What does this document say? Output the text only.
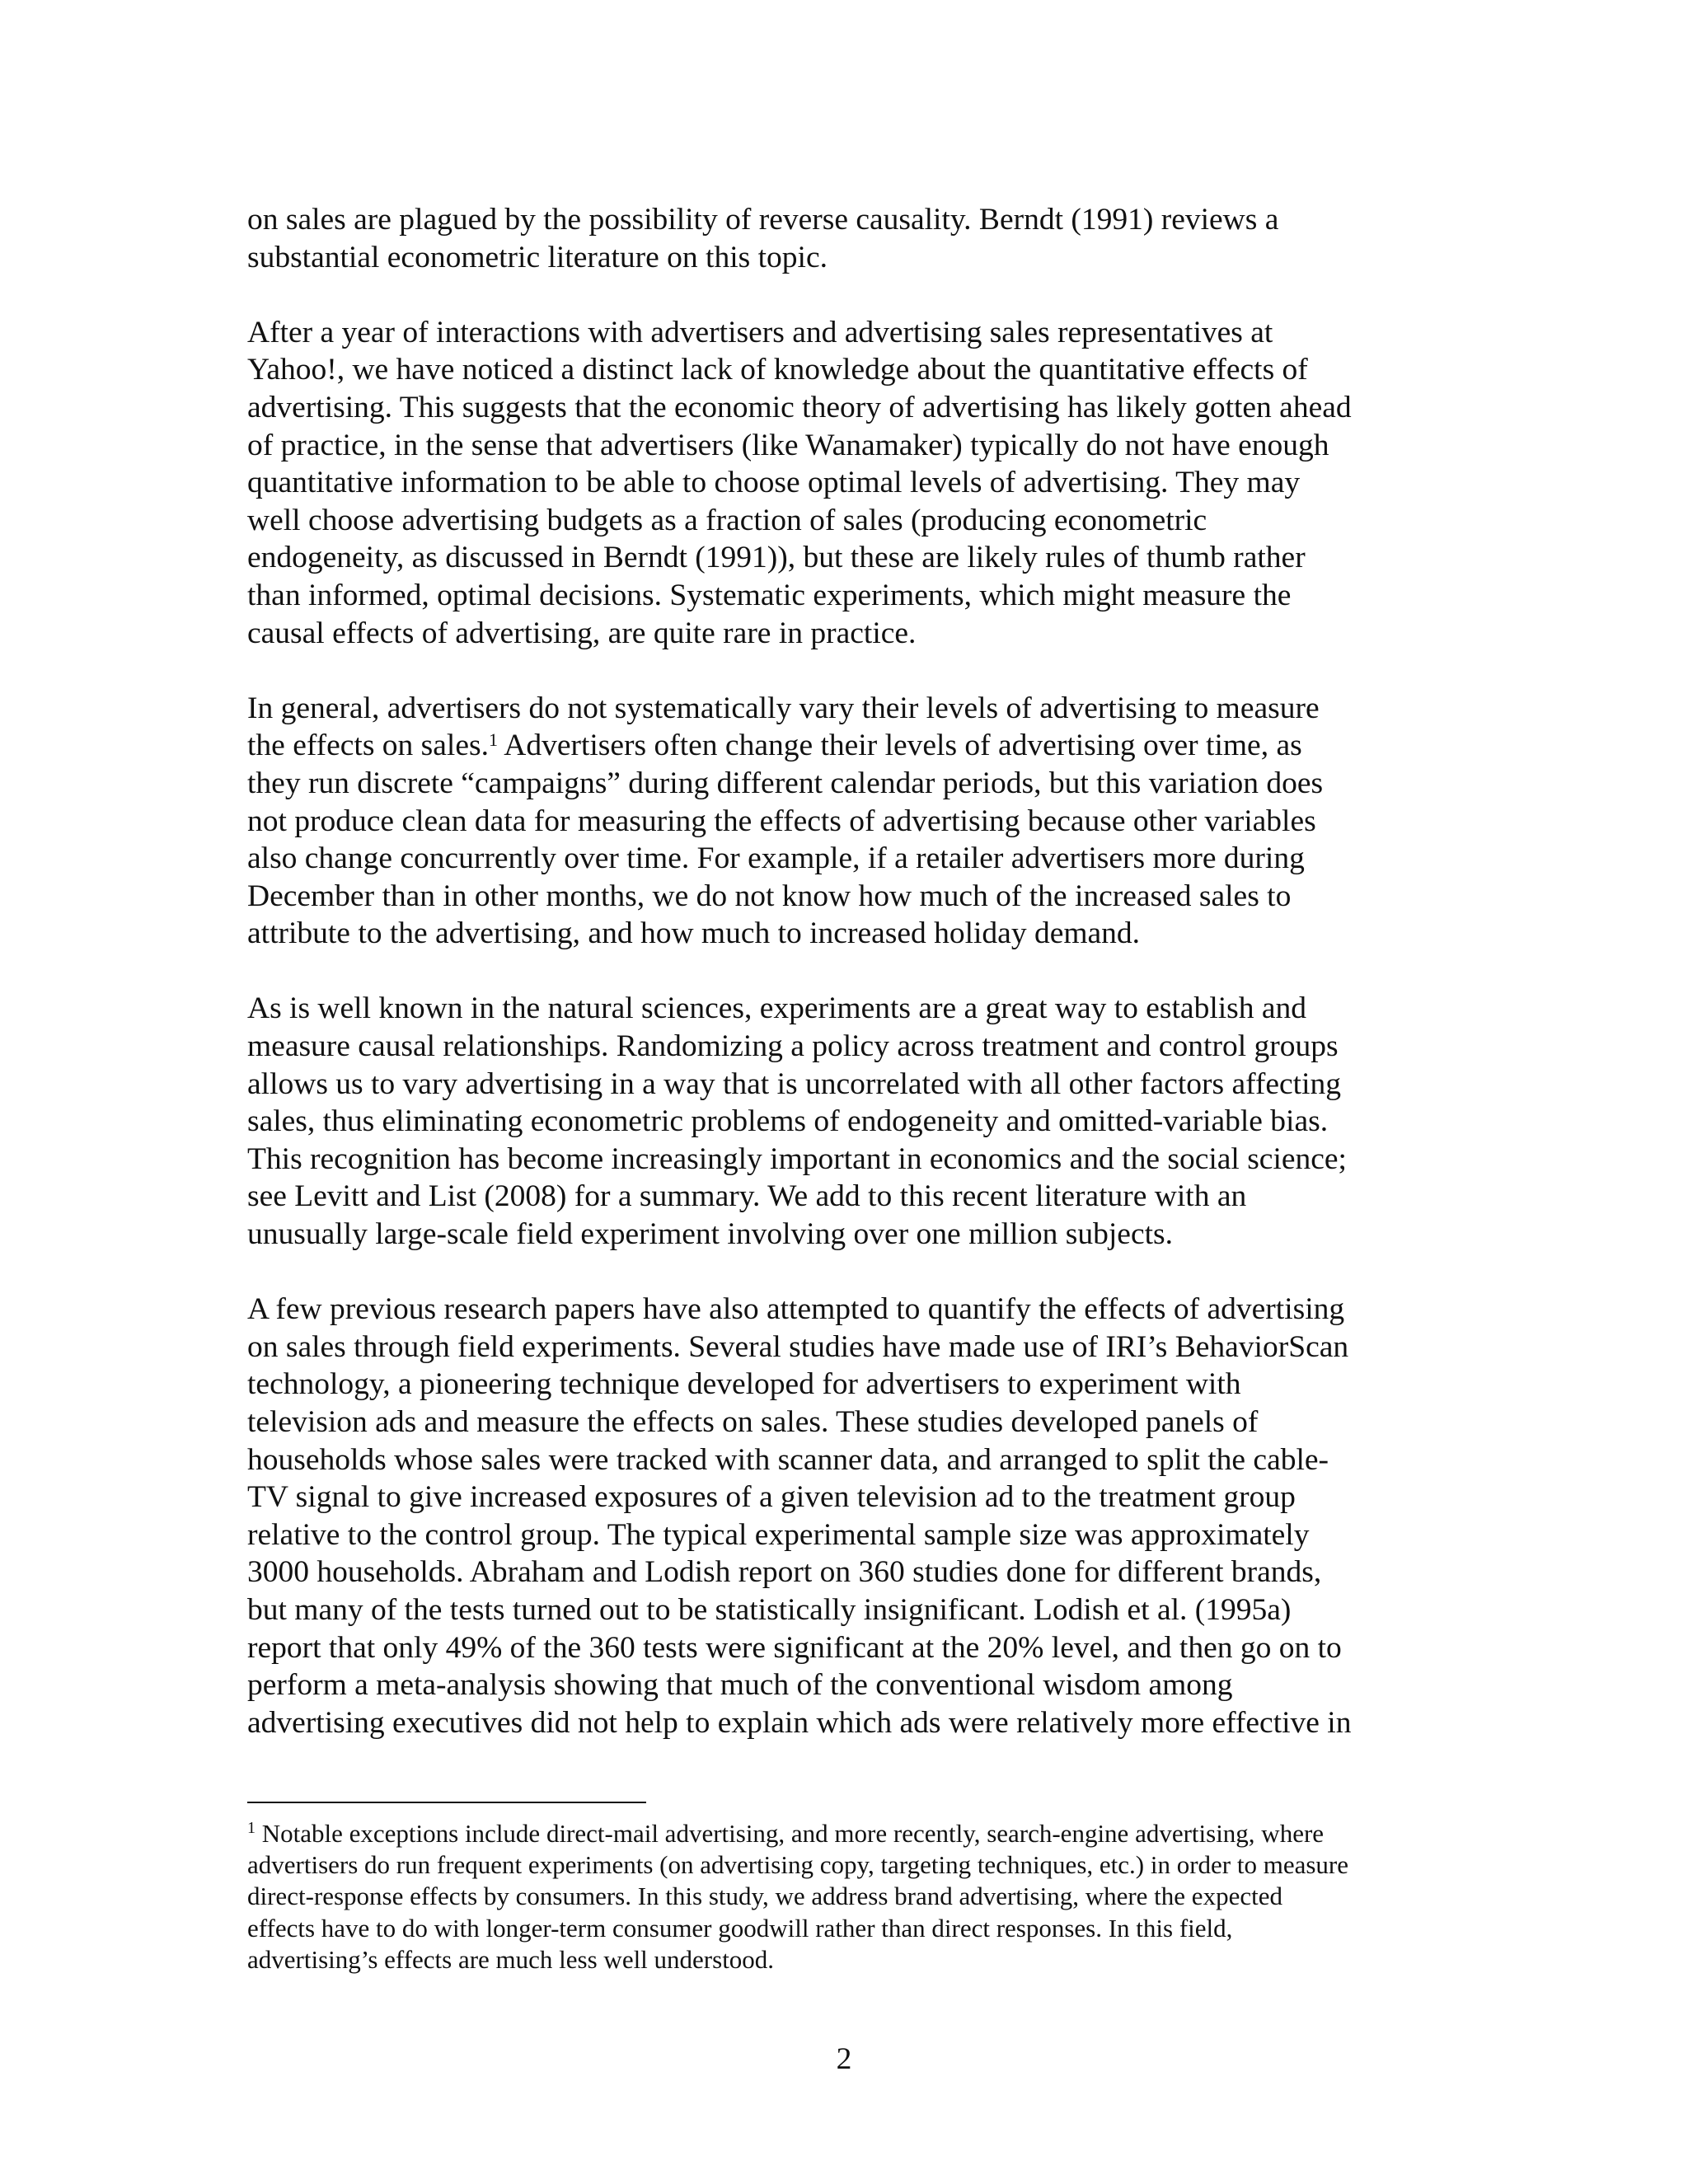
on sales are plagued by the possibility of reverse causality. Berndt (1991) reviews a
substantial econometric literature on this topic.

After a year of interactions with advertisers and advertising sales representatives at
Yahoo!, we have noticed a distinct lack of knowledge about the quantitative effects of
advertising. This suggests that the economic theory of advertising has likely gotten ahead
of practice, in the sense that advertisers (like Wanamaker) typically do not have enough
quantitative information to be able to choose optimal levels of advertising. They may
well choose advertising budgets as a fraction of sales (producing econometric
endogeneity, as discussed in Berndt (1991)), but these are likely rules of thumb rather
than informed, optimal decisions. Systematic experiments, which might measure the
causal effects of advertising, are quite rare in practice.

In general, advertisers do not systematically vary their levels of advertising to measure
the effects on sales.$^1$ Advertisers often change their levels of advertising over time, as
they run discrete “campaigns” during different calendar periods, but this variation does
not produce clean data for measuring the effects of advertising because other variables
also change concurrently over time. For example, if a retailer advertisers more during
December than in other months, we do not know how much of the increased sales to
attribute to the advertising, and how much to increased holiday demand.

As is well known in the natural sciences, experiments are a great way to establish and
measure causal relationships. Randomizing a policy across treatment and control groups
allows us to vary advertising in a way that is uncorrelated with all other factors affecting
sales, thus eliminating econometric problems of endogeneity and omitted-variable bias.
This recognition has become increasingly important in economics and the social science;
see Levitt and List (2008) for a summary. We add to this recent literature with an
unusually large-scale field experiment involving over one million subjects.

A few previous research papers have also attempted to quantify the effects of advertising
on sales through field experiments. Several studies have made use of IRI’s BehaviorScan
technology, a pioneering technique developed for advertisers to experiment with
television ads and measure the effects on sales. These studies developed panels of
households whose sales were tracked with scanner data, and arranged to split the cable-
TV signal to give increased exposures of a given television ad to the treatment group
relative to the control group. The typical experimental sample size was approximately
3000 households. Abraham and Lodish report on 360 studies done for different brands,
but many of the tests turned out to be statistically insignificant. Lodish et al. (1995a)
report that only 49% of the 360 tests were significant at the 20% level, and then go on to
perform a meta-analysis showing that much of the conventional wisdom among
advertising executives did not help to explain which ads were relatively more effective in

$^1$ Notable exceptions include direct-mail advertising, and more recently, search-engine advertising, where
advertisers do run frequent experiments (on advertising copy, targeting techniques, etc.) in order to measure
direct-response effects by consumers. In this study, we address brand advertising, where the expected
effects have to do with longer-term consumer goodwill rather than direct responses. In this field,
advertising’s effects are much less well understood.

2
